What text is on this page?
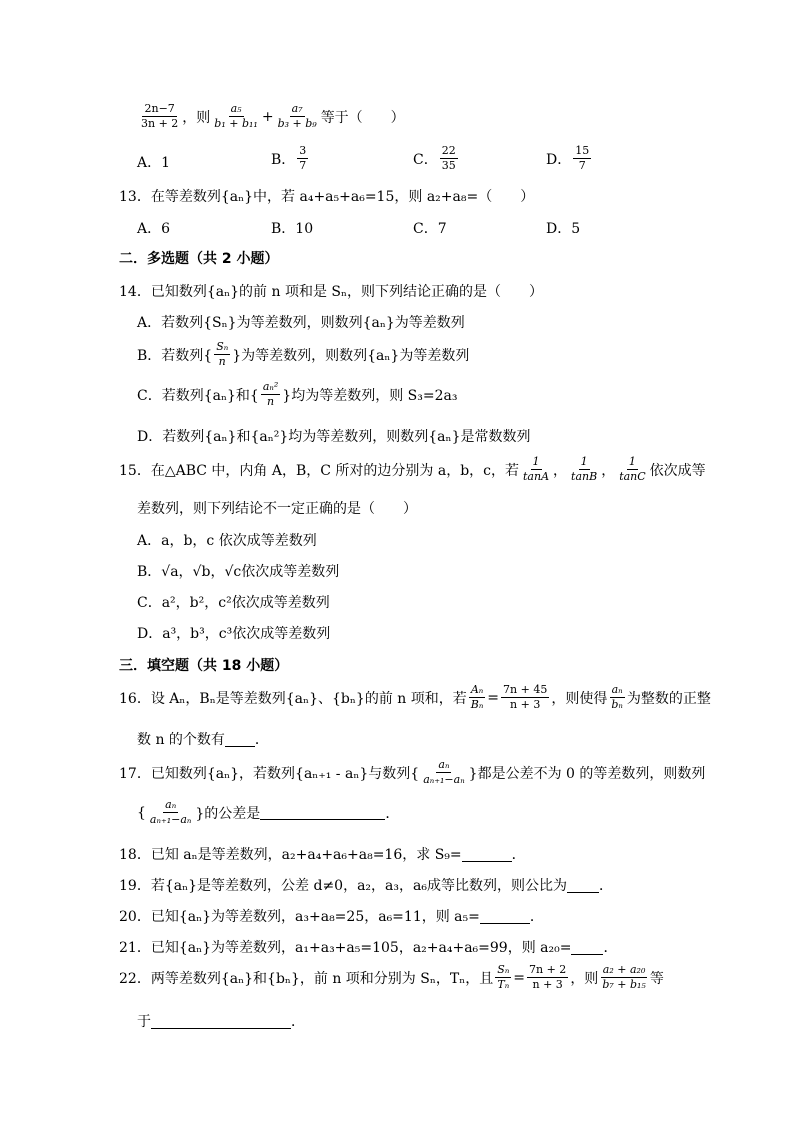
$\frac{2n-7}{3n + 2}$ ，则 $\frac{\text{a₅}}{\text{b₁ + b₁₁}} + \frac{\text{a₇}}{\text{b₃ + b₉}}$ 等于（　　）
A．1	B． $\frac{3}{7}$	C． $\frac{22}{35}$	D． $\frac{15}{7}$
13．在等差数列{aₙ}中，若 a₄+a₅+a₆=15，则 a₂+a₈=（　　）
A．6	B．10	C．7	D．5
二．多选题（共 2 小题）
14．已知数列{aₙ}的前 n 项和是 Sₙ，则下列结论正确的是（　　）
A．若数列{Sₙ}为等差数列，则数列{aₙ}为等差数列
B．若数列{ $\frac{\text{Sₙ}}{n}$ }为等差数列，则数列{aₙ}为等差数列
C．若数列{aₙ}和{ $\frac{\text{aₙ²}}{n}$ }均为等差数列，则 S₃=2a₃
D．若数列{aₙ}和{aₙ²}均为等差数列，则数列{aₙ}是常数数列
15．在△ABC 中，内角 A，B，C 所对的边分别为 a，b，c，若 $\frac{1}{\tan A}$ ， $\frac{1}{\tan B}$ ， $\frac{1}{\tan C}$ 依次成等
差数列，则下列结论不一定正确的是（　　）
A．a，b，c 依次成等差数列
B．√a，√b，√c依次成等差数列
C．a²，b²，c²依次成等差数列
D．a³，b³，c³依次成等差数列
三．填空题（共 18 小题）
16．设 Aₙ，Bₙ是等差数列{aₙ}、{bₙ}的前 n 项和，若 $\frac{\text{Aₙ}}{\text{Bₙ}} = \frac{7n + 45}{n + 3}$ ，则使得 $\frac{\text{aₙ}}{\text{bₙ}}$ 为整数的正整
数 n 的个数有 ．
17．已知数列{aₙ}，若数列{aₙ₊₁ - aₙ}与数列{ $\frac{\text{aₙ}}{\text{aₙ₊₁−aₙ}}$ }都是公差不为 0 的等差数列，则数列
{ $\frac{\text{aₙ}}{\text{aₙ₊₁−aₙ}}$ }的公差是	．
18．已知 aₙ是等差数列，a₂+a₄+a₆+a₈=16，求 S₉=	．
19．若{aₙ}是等差数列，公差 d≠0，a₂，a₃，a₆成等比数列，则公比为 ．
20．已知{aₙ}为等差数列，a₃+a₈=25，a₆=11，则 a₅=	．
21．已知{aₙ}为等差数列，a₁+a₃+a₅=105，a₂+a₄+a₆=99，则 a₂₀= ．
22．两等差数列{aₙ}和{bₙ}，前 n 项和分别为 Sₙ，Tₙ，且 $\frac{\text{Sₙ}}{\text{Tₙ}} = \frac{7n + 2}{n + 3}$ ，则 $\frac{\text{a₂ + a₂₀}}{\text{b₇ + b₁₅}}$ 等
于	．
